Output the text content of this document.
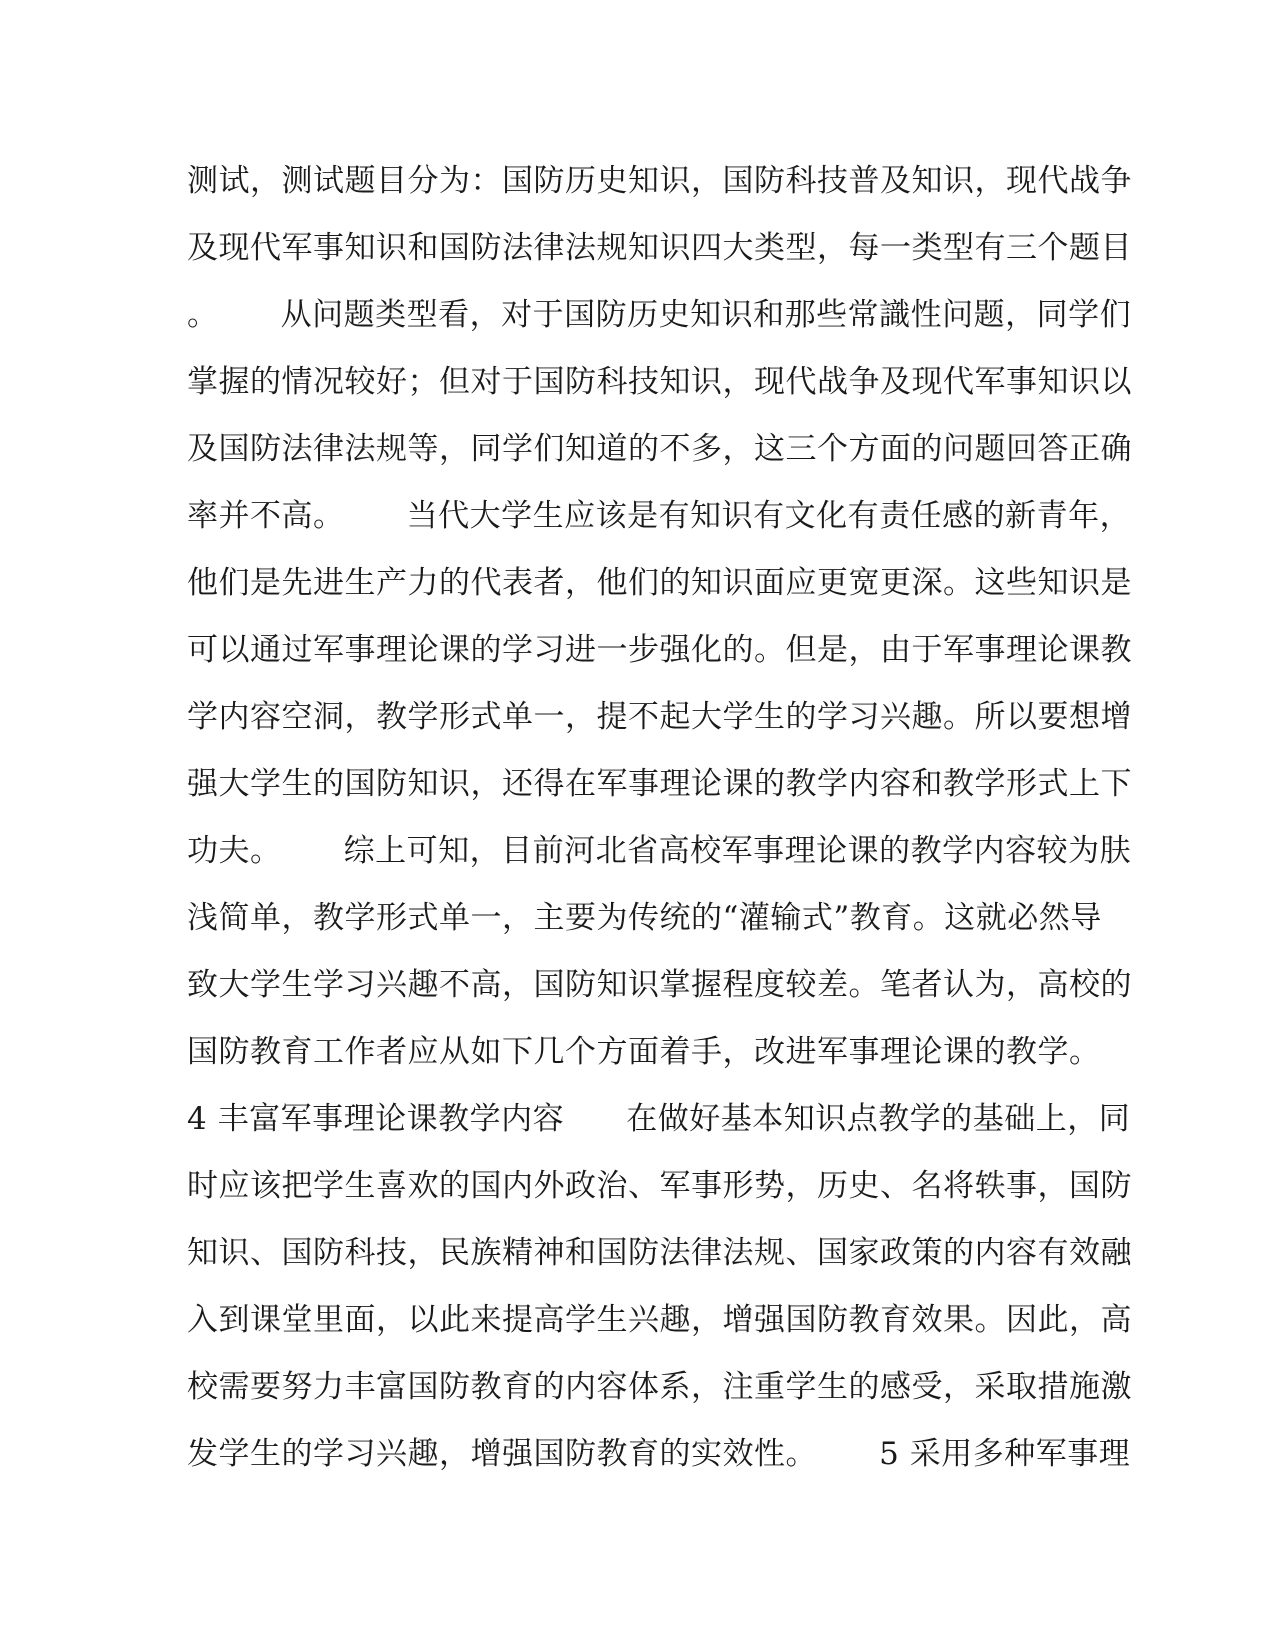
测试，测试题目分为：国防历史知识，国防科技普及知识，现代战争
及现代军事知识和国防法律法规知识四大类型，每一类型有三个题目
。      从问题类型看，对于国防历史知识和那些常識性问题，同学们
掌握的情况较好；但对于国防科技知识，现代战争及现代军事知识以
及国防法律法规等，同学们知道的不多，这三个方面的问题回答正确
率并不高。      当代大学生应该是有知识有文化有责任感的新青年，
他们是先进生产力的代表者，他们的知识面应更宽更深。这些知识是
可以通过军事理论课的学习进一步强化的。但是，由于军事理论课教
学内容空洞，教学形式单一，提不起大学生的学习兴趣。所以要想增
强大学生的国防知识，还得在军事理论课的教学内容和教学形式上下
功夫。      综上可知，目前河北省高校军事理论课的教学内容较为肤
浅简单，教学形式单一，主要为传统的“灌输式”教育。这就必然导
致大学生学习兴趣不高，国防知识掌握程度较差。笔者认为，高校的
国防教育工作者应从如下几个方面着手，改进军事理论课的教学。
4 丰富军事理论课教学内容      在做好基本知识点教学的基础上，同
时应该把学生喜欢的国内外政治、军事形势，历史、名将轶事，国防
知识、国防科技，民族精神和国防法律法规、国家政策的内容有效融
入到课堂里面，以此来提高学生兴趣，增强国防教育效果。因此，高
校需要努力丰富国防教育的内容体系，注重学生的感受，采取措施激
发学生的学习兴趣，增强国防教育的实效性。      5 采用多种军事理
